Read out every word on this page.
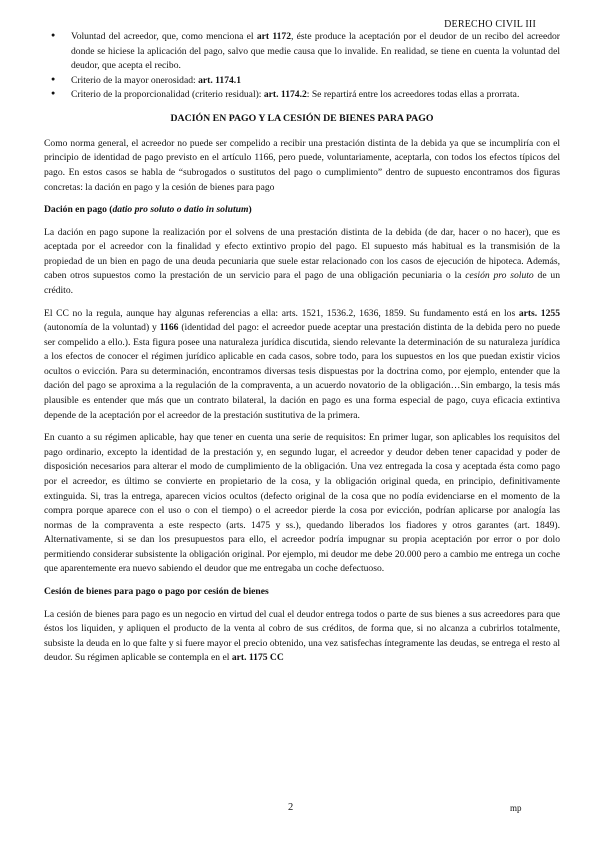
DERECHO CIVIL III
● Voluntad del acreedor, que, como menciona el art 1172, éste produce la aceptación por el deudor de un recibo del acreedor donde se hiciese la aplicación del pago, salvo que medie causa que lo invalide. En realidad, se tiene en cuenta la voluntad del deudor, que acepta el recibo.
● Criterio de la mayor onerosidad: art. 1174.1
● Criterio de la proporcionalidad (criterio residual): art. 1174.2: Se repartirá entre los acreedores todas ellas a prorrata.
DACIÓN EN PAGO Y LA CESIÓN DE BIENES PARA PAGO

Como norma general, el acreedor no puede ser compelido a recibir una prestación distinta de la debida ya que se incumpliría con el principio de identidad de pago previsto en el artículo 1166, pero puede, voluntariamente, aceptarla, con todos los efectos típicos del pago. En estos casos se habla de “subrogados o sustitutos del pago o cumplimiento” dentro de supuesto encontramos dos figuras concretas: la dación en pago y la cesión de bienes para pago

Dación en pago (datio pro soluto o datio in solutum)

La dación en pago supone la realización por el solvens de una prestación distinta de la debida (de dar, hacer o no hacer), que es aceptada por el acreedor con la finalidad y efecto extintivo propio del pago. El supuesto más habitual es la transmisión de la propiedad de un bien en pago de una deuda pecuniaria que suele estar relacionado con los casos de ejecución de hipoteca. Además, caben otros supuestos como la prestación de un servicio para el pago de una obligación pecuniaria o la cesión pro soluto de un crédito.

El CC no la regula, aunque hay algunas referencias a ella: arts. 1521, 1536.2, 1636, 1859. Su fundamento está en los arts. 1255 (autonomía de la voluntad) y 1166 (identidad del pago: el acreedor puede aceptar una prestación distinta de la debida pero no puede ser compelido a ello.). Esta figura posee una naturaleza jurídica discutida, siendo relevante la determinación de su naturaleza jurídica a los efectos de conocer el régimen jurídico aplicable en cada casos, sobre todo, para los supuestos en los que puedan existir vicios ocultos o evicción. Para su determinación, encontramos diversas tesis dispuestas por la doctrina como, por ejemplo, entender que la dación del pago se aproxima a la regulación de la compraventa, a un acuerdo novatorio de la obligación…Sin embargo, la tesis más plausible es entender que más que un contrato bilateral, la dación en pago es una forma especial de pago, cuya eficacia extintiva depende de la aceptación por el acreedor de la prestación sustitutiva de la primera.

En cuanto a su régimen aplicable, hay que tener en cuenta una serie de requisitos: En primer lugar, son aplicables los requisitos del pago ordinario, excepto la identidad de la prestación y, en segundo lugar, el acreedor y deudor deben tener capacidad y poder de disposición necesarios para alterar el modo de cumplimiento de la obligación. Una vez entregada la cosa y aceptada ésta como pago por el acreedor, es último se convierte en propietario de la cosa, y la obligación original queda, en principio, definitivamente extinguida. Si, tras la entrega, aparecen vicios ocultos (defecto original de la cosa que no podía evidenciarse en el momento de la compra porque aparece con el uso o con el tiempo) o el acreedor pierde la cosa por evicción, podrían aplicarse por analogía las normas de la compraventa a este respecto (arts. 1475 y ss.), quedando liberados los fiadores y otros garantes (art. 1849). Alternativamente, si se dan los presupuestos para ello, el acreedor podría impugnar su propia aceptación por error o por dolo permitiendo considerar subsistente la obligación original. Por ejemplo, mi deudor me debe 20.000 pero a cambio me entrega un coche que aparentemente era nuevo sabiendo el deudor que me entregaba un coche defectuoso.

Cesión de bienes para pago o pago por cesión de bienes

La cesión de bienes para pago es un negocio en virtud del cual el deudor entrega todos o parte de sus bienes a sus acreedores para que éstos los liquiden, y apliquen el producto de la venta al cobro de sus créditos, de forma que, si no alcanza a cubrirlos totalmente, subsiste la deuda en lo que falte y si fuere mayor el precio obtenido, una vez satisfechas íntegramente las deudas, se entrega el resto al deudor. Su régimen aplicable se contempla en el art. 1175 CC

2	mp
